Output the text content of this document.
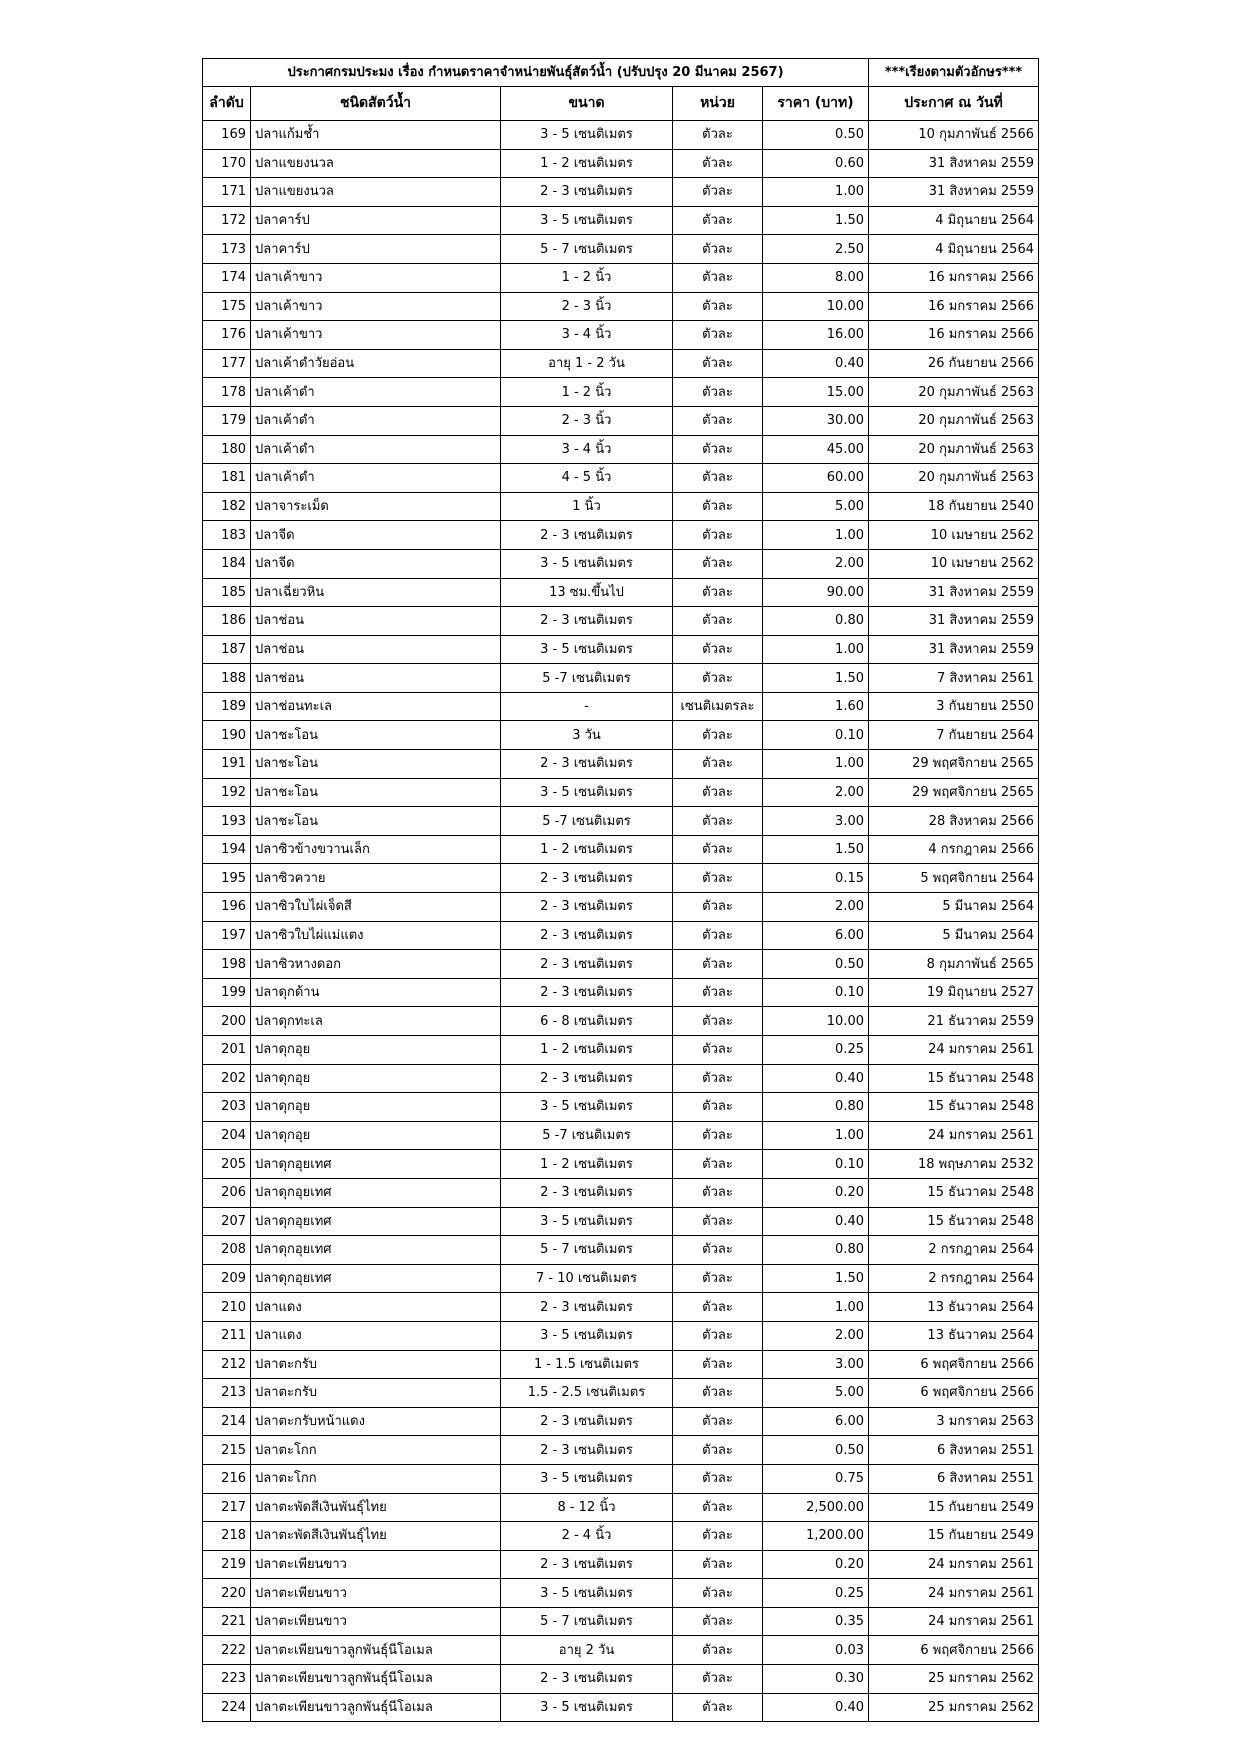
ประกาศกรมประมง เรื่อง กำหนดราคาจำหน่ายพันธุ์สัตว์น้ำ (ปรับปรุง 20 มีนาคม 2567)					***เรียงตามตัวอักษร***
ลำดับ	ชนิดสัตว์น้ำ	ขนาด	หน่วย	ราคา (บาท)	ประกาศ ณ วันที่
169	ปลาแก้มช้ำ	3 - 5 เซนติเมตร	ตัวละ	0.50	10 กุมภาพันธ์ 2566
170	ปลาแขยงนวล	1 - 2 เซนติเมตร	ตัวละ	0.60	31 สิงหาคม 2559
171	ปลาแขยงนวล	2 - 3 เซนติเมตร	ตัวละ	1.00	31 สิงหาคม 2559
172	ปลาคาร์ป	3 - 5 เซนติเมตร	ตัวละ	1.50	4 มิถุนายน 2564
173	ปลาคาร์ป	5 - 7 เซนติเมตร	ตัวละ	2.50	4 มิถุนายน 2564
174	ปลาเค้าขาว	1 - 2 นิ้ว	ตัวละ	8.00	16 มกราคม 2566
175	ปลาเค้าขาว	2 - 3 นิ้ว	ตัวละ	10.00	16 มกราคม 2566
176	ปลาเค้าขาว	3 - 4 นิ้ว	ตัวละ	16.00	16 มกราคม 2566
177	ปลาเค้าดำวัยอ่อน	อายุ 1 - 2 วัน	ตัวละ	0.40	26 กันยายน 2566
178	ปลาเค้าดำ	1 - 2 นิ้ว	ตัวละ	15.00	20 กุมภาพันธ์ 2563
179	ปลาเค้าดำ	2 - 3 นิ้ว	ตัวละ	30.00	20 กุมภาพันธ์ 2563
180	ปลาเค้าดำ	3 - 4 นิ้ว	ตัวละ	45.00	20 กุมภาพันธ์ 2563
181	ปลาเค้าดำ	4 - 5 นิ้ว	ตัวละ	60.00	20 กุมภาพันธ์ 2563
182	ปลาจาระเม็ด	1 นิ้ว	ตัวละ	5.00	18 กันยายน 2540
183	ปลาจีด	2 - 3 เซนติเมตร	ตัวละ	1.00	10 เมษายน 2562
184	ปลาจีด	3 - 5 เซนติเมตร	ตัวละ	2.00	10 เมษายน 2562
185	ปลาเฉี่ยวหิน	13 ซม.ขึ้นไป	ตัวละ	90.00	31 สิงหาคม 2559
186	ปลาช่อน	2 - 3 เซนติเมตร	ตัวละ	0.80	31 สิงหาคม 2559
187	ปลาช่อน	3 - 5 เซนติเมตร	ตัวละ	1.00	31 สิงหาคม 2559
188	ปลาช่อน	5 -7 เซนติเมตร	ตัวละ	1.50	7 สิงหาคม 2561
189	ปลาช่อนทะเล	-	เซนติเมตรละ	1.60	3 กันยายน 2550
190	ปลาชะโอน	3 วัน	ตัวละ	0.10	7 กันยายน 2564
191	ปลาชะโอน	2 - 3 เซนติเมตร	ตัวละ	1.00	29 พฤศจิกายน 2565
192	ปลาชะโอน	3 - 5 เซนติเมตร	ตัวละ	2.00	29 พฤศจิกายน 2565
193	ปลาชะโอน	5 -7 เซนติเมตร	ตัวละ	3.00	28 สิงหาคม 2566
194	ปลาซิวข้างขวานเล็ก	1 - 2 เซนติเมตร	ตัวละ	1.50	4 กรกฎาคม 2566
195	ปลาซิวควาย	2 - 3 เซนติเมตร	ตัวละ	0.15	5 พฤศจิกายน 2564
196	ปลาซิวใบไผ่เจ็ดสี	2 - 3 เซนติเมตร	ตัวละ	2.00	5 มีนาคม 2564
197	ปลาซิวใบไผ่แม่แตง	2 - 3 เซนติเมตร	ตัวละ	6.00	5 มีนาคม 2564
198	ปลาซิวหางดอก	2 - 3 เซนติเมตร	ตัวละ	0.50	8 กุมภาพันธ์ 2565
199	ปลาดุกด้าน	2 - 3 เซนติเมตร	ตัวละ	0.10	19 มิถุนายน 2527
200	ปลาดุกทะเล	6 - 8 เซนติเมตร	ตัวละ	10.00	21 ธันวาคม 2559
201	ปลาดุกอุย	1 - 2 เซนติเมตร	ตัวละ	0.25	24 มกราคม 2561
202	ปลาดุกอุย	2 - 3 เซนติเมตร	ตัวละ	0.40	15 ธันวาคม 2548
203	ปลาดุกอุย	3 - 5 เซนติเมตร	ตัวละ	0.80	15 ธันวาคม 2548
204	ปลาดุกอุย	5 -7 เซนติเมตร	ตัวละ	1.00	24 มกราคม 2561
205	ปลาดุกอุยเทศ	1 - 2 เซนติเมตร	ตัวละ	0.10	18 พฤษภาคม 2532
206	ปลาดุกอุยเทศ	2 - 3 เซนติเมตร	ตัวละ	0.20	15 ธันวาคม 2548
207	ปลาดุกอุยเทศ	3 - 5 เซนติเมตร	ตัวละ	0.40	15 ธันวาคม 2548
208	ปลาดุกอุยเทศ	5 - 7 เซนติเมตร	ตัวละ	0.80	2 กรกฎาคม 2564
209	ปลาดุกอุยเทศ	7 - 10 เซนติเมตร	ตัวละ	1.50	2 กรกฎาคม 2564
210	ปลาแดง	2 - 3 เซนติเมตร	ตัวละ	1.00	13 ธันวาคม 2564
211	ปลาแดง	3 - 5 เซนติเมตร	ตัวละ	2.00	13 ธันวาคม 2564
212	ปลาตะกรับ	1 - 1.5 เซนติเมตร	ตัวละ	3.00	6 พฤศจิกายน 2566
213	ปลาตะกรับ	1.5 - 2.5 เซนติเมตร	ตัวละ	5.00	6 พฤศจิกายน 2566
214	ปลาตะกรับหน้าแดง	2 - 3 เซนติเมตร	ตัวละ	6.00	3 มกราคม 2563
215	ปลาตะโกก	2 - 3 เซนติเมตร	ตัวละ	0.50	6 สิงหาคม 2551
216	ปลาตะโกก	3 - 5 เซนติเมตร	ตัวละ	0.75	6 สิงหาคม 2551
217	ปลาตะพัดสีเงินพันธุ์ไทย	8 - 12 นิ้ว	ตัวละ	2,500.00	15 กันยายน 2549
218	ปลาตะพัดสีเงินพันธุ์ไทย	2 - 4 นิ้ว	ตัวละ	1,200.00	15 กันยายน 2549
219	ปลาตะเพียนขาว	2 - 3 เซนติเมตร	ตัวละ	0.20	24 มกราคม 2561
220	ปลาตะเพียนขาว	3 - 5 เซนติเมตร	ตัวละ	0.25	24 มกราคม 2561
221	ปลาตะเพียนขาว	5 - 7 เซนติเมตร	ตัวละ	0.35	24 มกราคม 2561
222	ปลาตะเพียนขาวลูกพันธุ์นีโอเมล	อายุ 2 วัน	ตัวละ	0.03	6 พฤศจิกายน 2566
223	ปลาตะเพียนขาวลูกพันธุ์นีโอเมล	2 - 3 เซนติเมตร	ตัวละ	0.30	25 มกราคม 2562
224	ปลาตะเพียนขาวลูกพันธุ์นีโอเมล	3 - 5 เซนติเมตร	ตัวละ	0.40	25 มกราคม 2562
